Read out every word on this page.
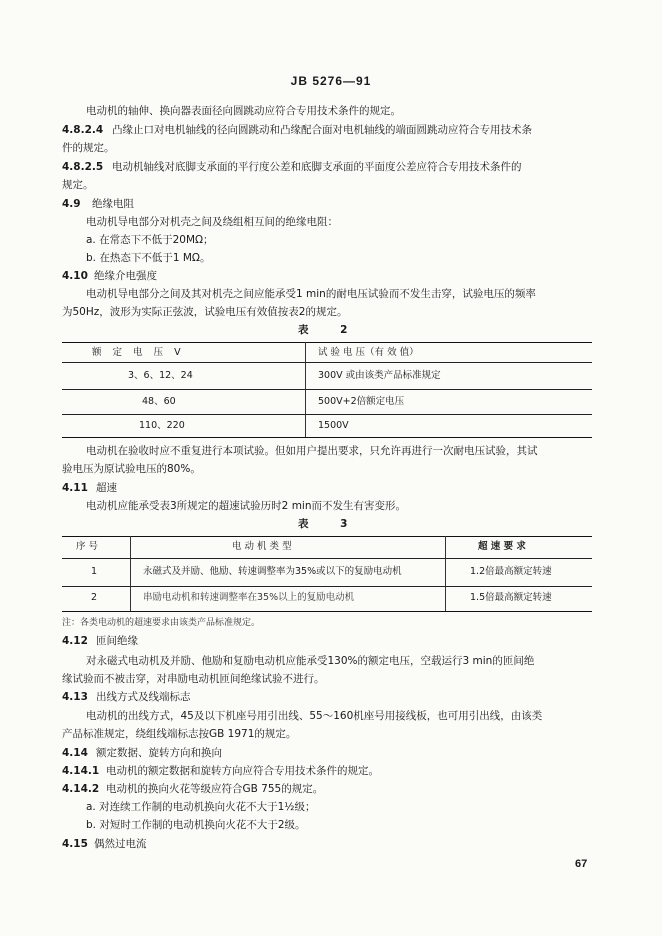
JB 5276—91
电动机的轴伸、换向器表面径向圆跳动应符合专用技术条件的规定。
4.8.2.4 凸缘止口对电机轴线的径向圆跳动和凸缘配合面对电机轴线的端面圆跳动应符合专用技术条
件的规定。
4.8.2.5 电动机轴线对底脚支承面的平行度公差和底脚支承面的平面度公差应符合专用技术条件的
规定。
4.9 绝缘电阻
电动机导电部分对机壳之间及绕组相互间的绝缘电阻：
a. 在常态下不低于20MΩ；
b. 在热态下不低于1 MΩ。
4.10 绝缘介电强度
电动机导电部分之间及其对机壳之间应能承受1 min的耐电压试验而不发生击穿，试验电压的频率
为50Hz，波形为实际正弦波，试验电压有效值按表2的规定。
表 2
额 定 电 压 V	试 验 电 压（有 效 值）
3、6、12、24	300V 或由该类产品标准规定
48、60	500V+2倍额定电压
110、220	1500V
电动机在验收时应不重复进行本项试验。但如用户提出要求，只允许再进行一次耐电压试验，其试
验电压为原试验电压的80%。
4.11 超速
电动机应能承受表3所规定的超速试验历时2 min而不发生有害变形。
表 3
序 号	电 动 机 类 型	超 速 要 求
1	永磁式及并励、他励、转速调整率为35%或以下的复励电动机	1.2倍最高额定转速
2	串励电动机和转速调整率在35%以上的复励电动机	1.5倍最高额定转速
注：各类电动机的超速要求由该类产品标准规定。
4.12 匝间绝缘
对永磁式电动机及并励、他励和复励电动机应能承受130%的额定电压，空载运行3 min的匝间绝
缘试验而不被击穿，对串励电动机匝间绝缘试验不进行。
4.13 出线方式及线端标志
电动机的出线方式，45及以下机座号用引出线、55～160机座号用接线板，也可用引出线，由该类
产品标准规定，绕组线端标志按GB 1971的规定。
4.14 额定数据、旋转方向和换向
4.14.1 电动机的额定数据和旋转方向应符合专用技术条件的规定。
4.14.2 电动机的换向火花等级应符合GB 755的规定。
a. 对连续工作制的电动机换向火花不大于1½级；
b. 对短时工作制的电动机换向火花不大于2级。
4.15 偶然过电流
67
